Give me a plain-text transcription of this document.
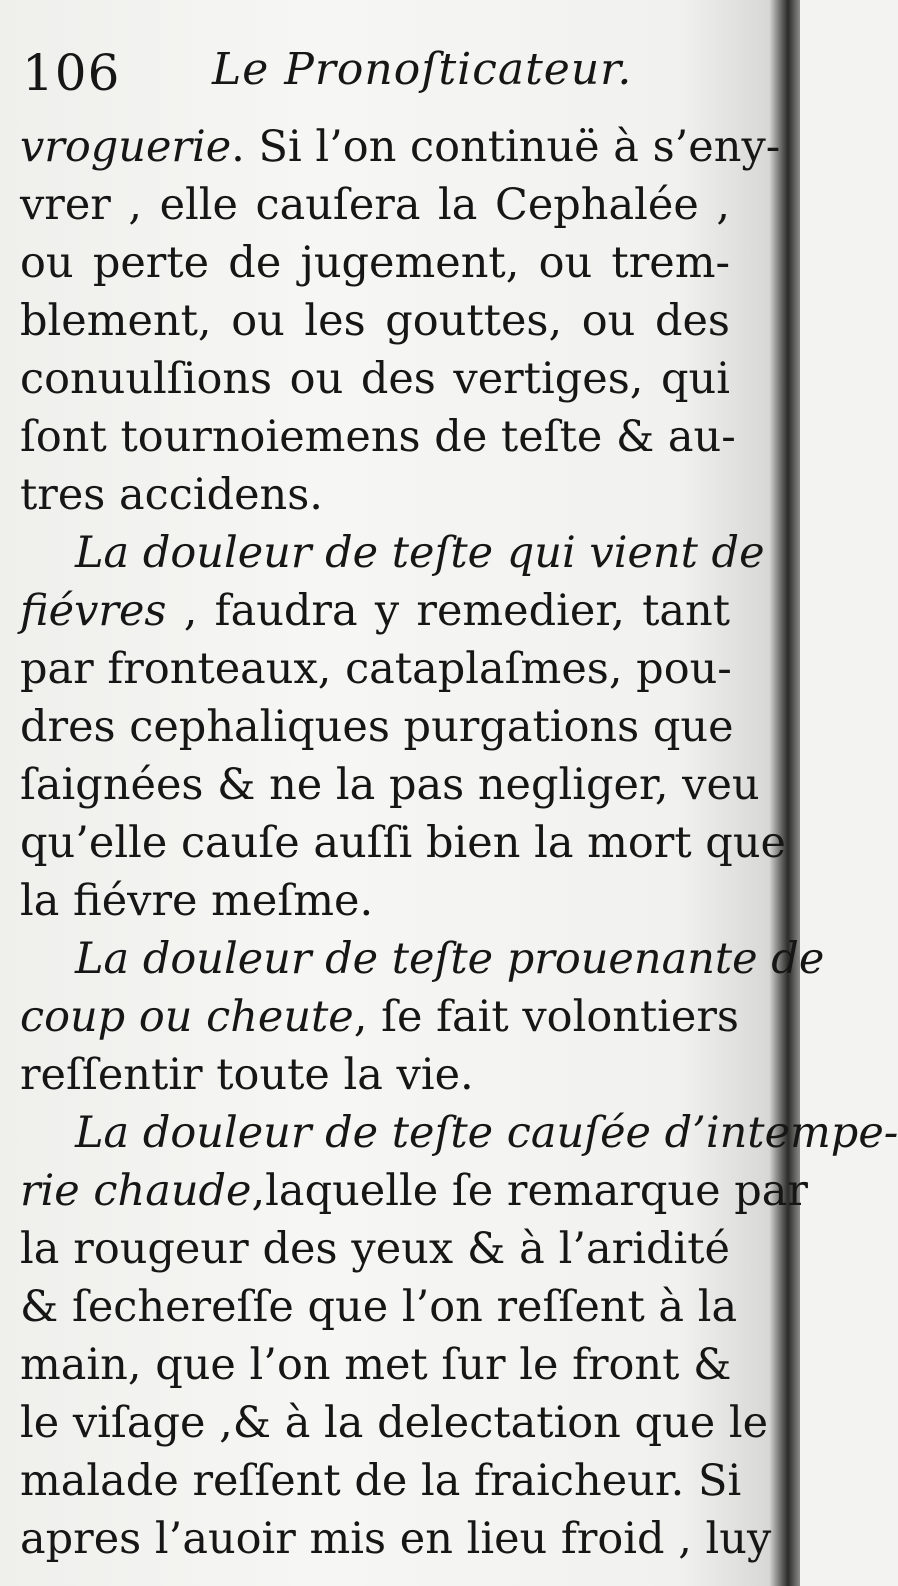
106 Le Pronoſticateur.
vroguerie. Si l’on continuë à s’eny-
vrer , elle cauſera la Cephalée ,
ou perte de jugement, ou trem-
blement, ou les gouttes, ou des
conuulſions ou des vertiges, qui
ſont tournoiemens de teſte & au-
tres accidens.
La douleur de teſte qui vient de
fiévres , faudra y remedier, tant
par fronteaux, cataplaſmes, pou-
dres cephaliques purgations que
ſaignées & ne la pas negliger, veu
qu’elle cauſe auſſi bien la mort que
la fiévre meſme.
La douleur de teſte prouenante de
coup ou cheute, ſe fait volontiers
reſſentir toute la vie.
La douleur de teſte cauſée d’intempe-
rie chaude,laquelle ſe remarque par
la rougeur des yeux & à l’aridité
& ſechereſſe que l’on reſſent à la
main, que l’on met ſur le front &
le viſage ,& à la delectation que le
malade reſſent de la fraicheur. Si
apres l’auoir mis en lieu froid , luy
